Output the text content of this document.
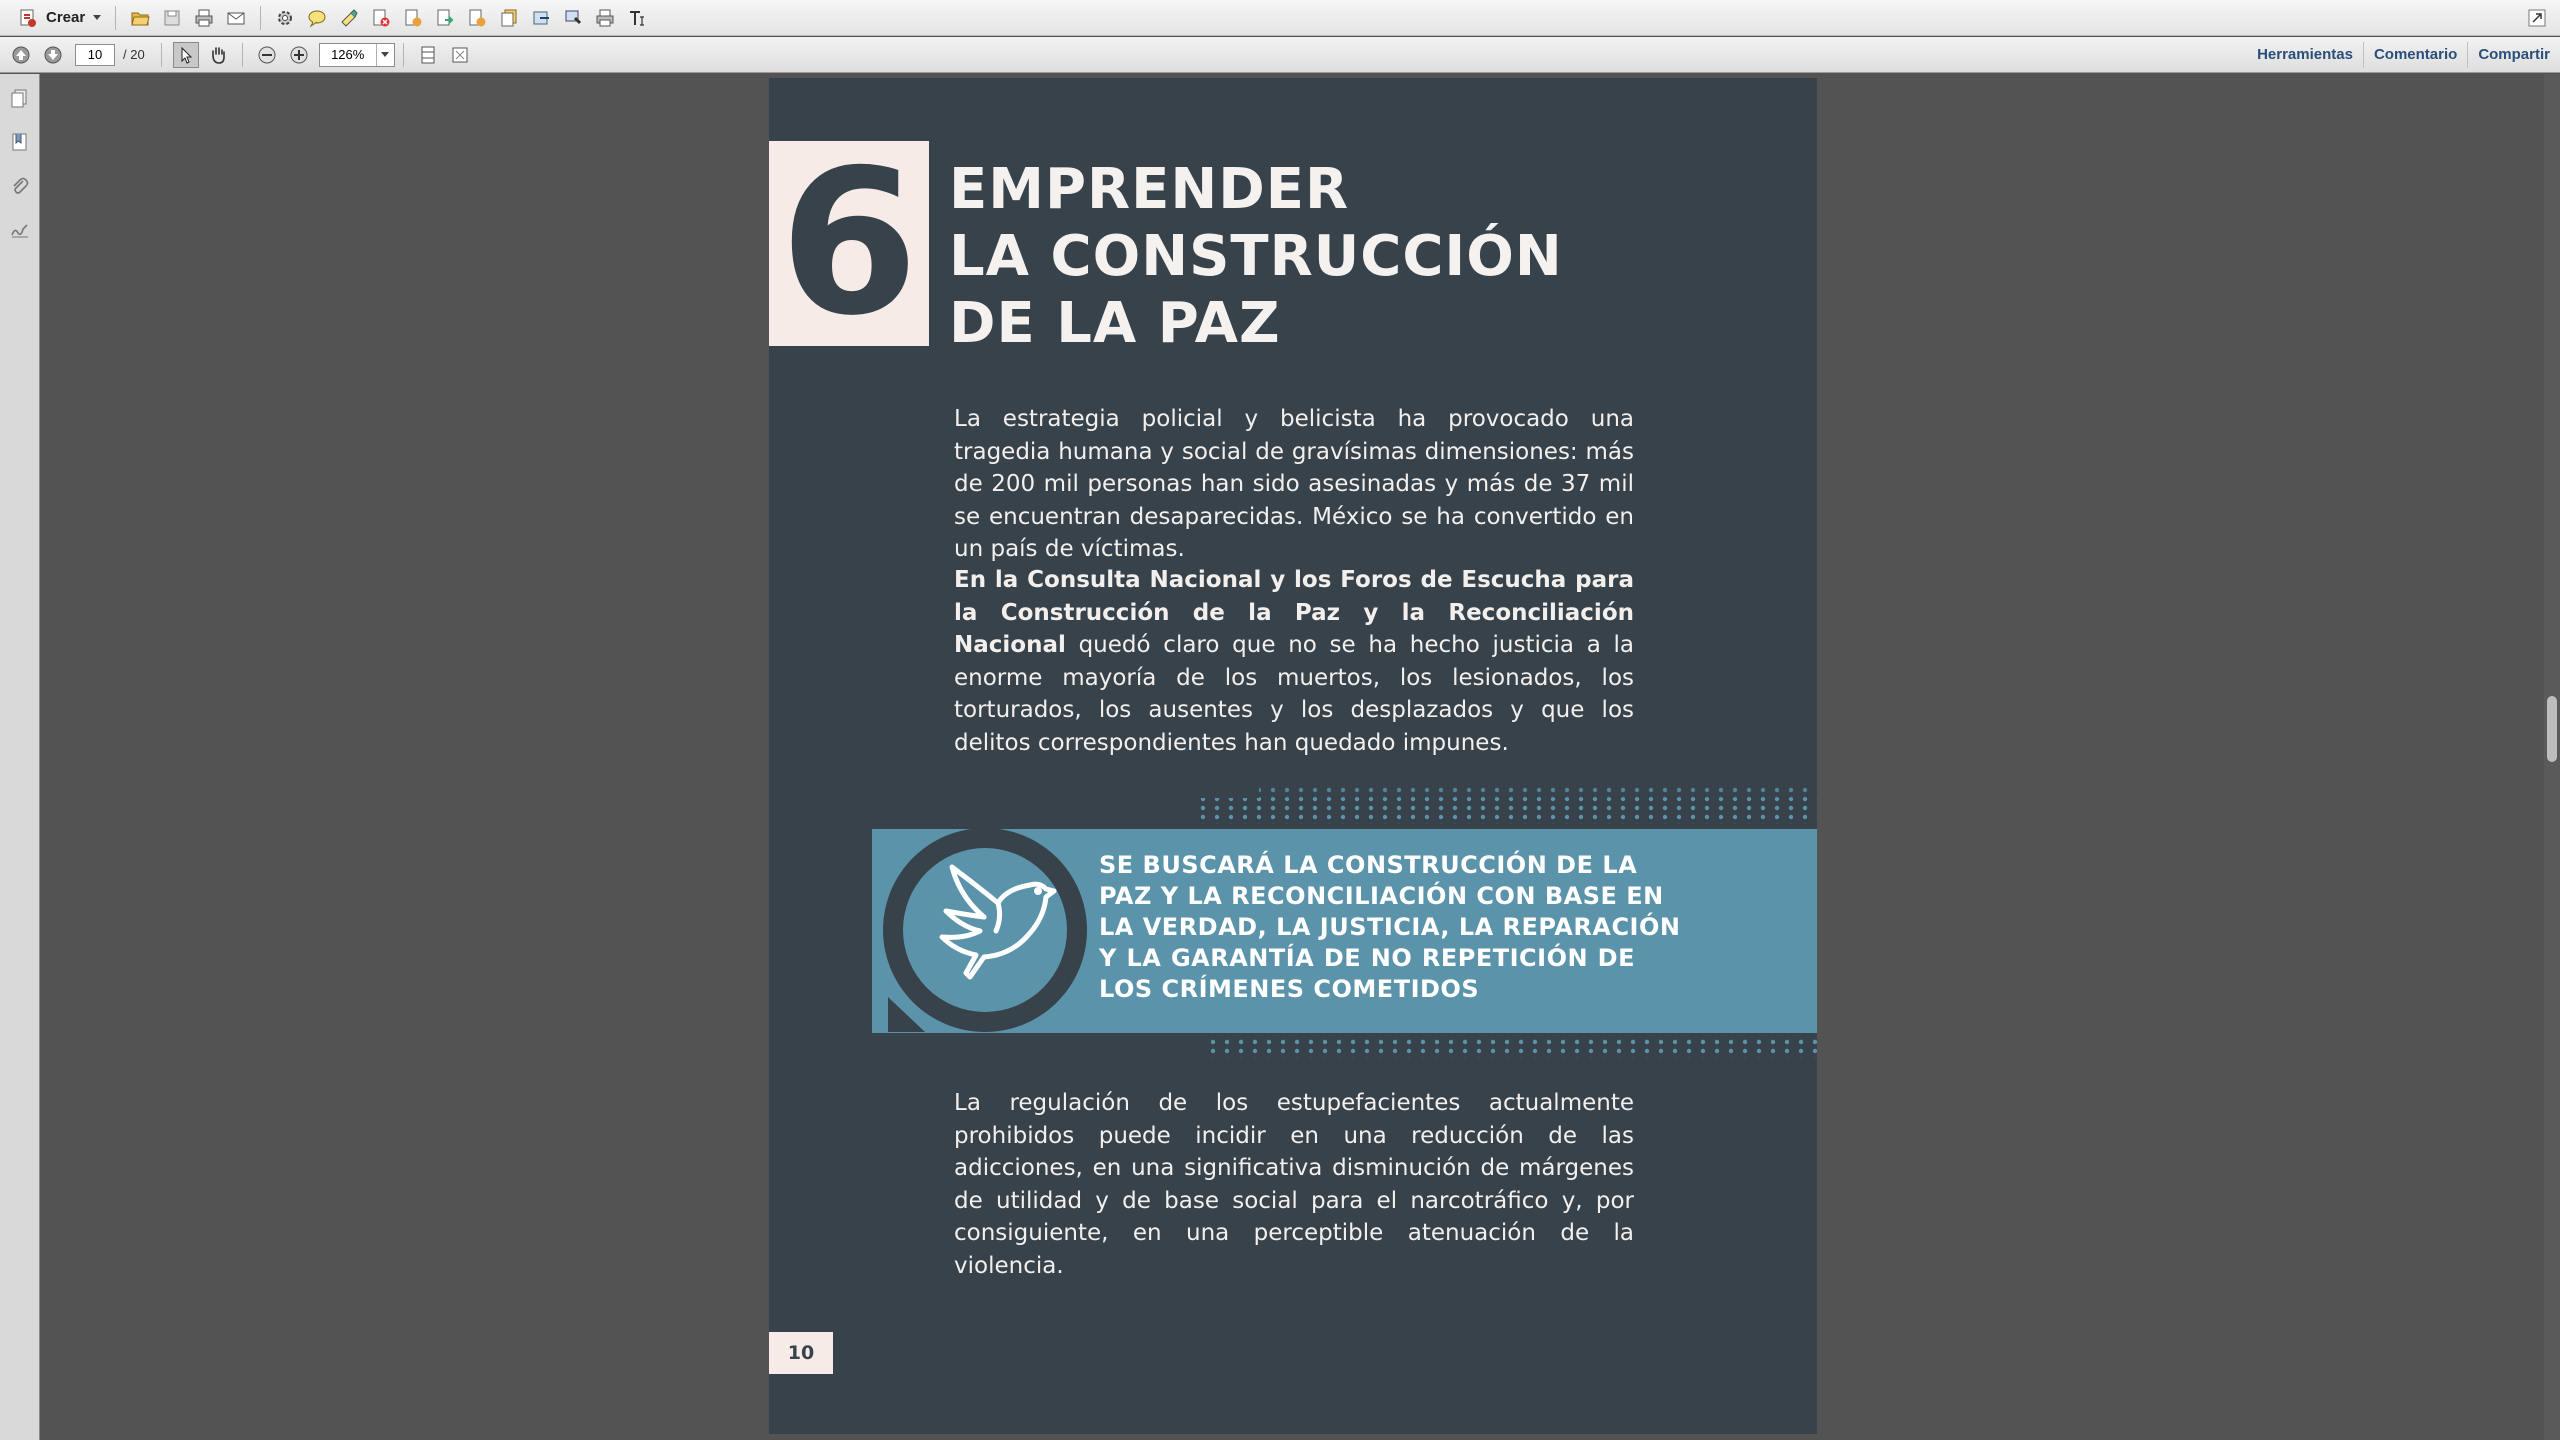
Crear
10
/ 20
126%	Herramientas	Comentario	Compartir
6 EMPRENDER
LA CONSTRUCCIÓN
DE LA PAZ

La estrategia policial y belicista ha provocado una tragedia humana y social de gravísimas dimensiones: más de 200 mil personas han sido asesinadas y más de 37 mil se encuentran desaparecidas. México se ha convertido en un país de víctimas.

En la Consulta Nacional y los Foros de Escucha para la Construcción de la Paz y la Reconciliación Nacional quedó claro que no se ha hecho justicia a la enorme mayoría de los muertos, los lesionados, los torturados, los ausentes y los desplazados y que los delitos correspondientes han quedado impunes.

SE BUSCARÁ LA CONSTRUCCIÓN DE LA
PAZ Y LA RECONCILIACIÓN CON BASE EN
LA VERDAD, LA JUSTICIA, LA REPARACIÓN
Y LA GARANTÍA DE NO REPETICIÓN DE
LOS CRÍMENES COMETIDOS

La regulación de los estupefacientes actualmente prohibidos puede incidir en una reducción de las adicciones, en una significativa disminución de márgenes de utilidad y de base social para el narcotráfico y, por consiguiente, en una perceptible atenuación de la violencia.

10
